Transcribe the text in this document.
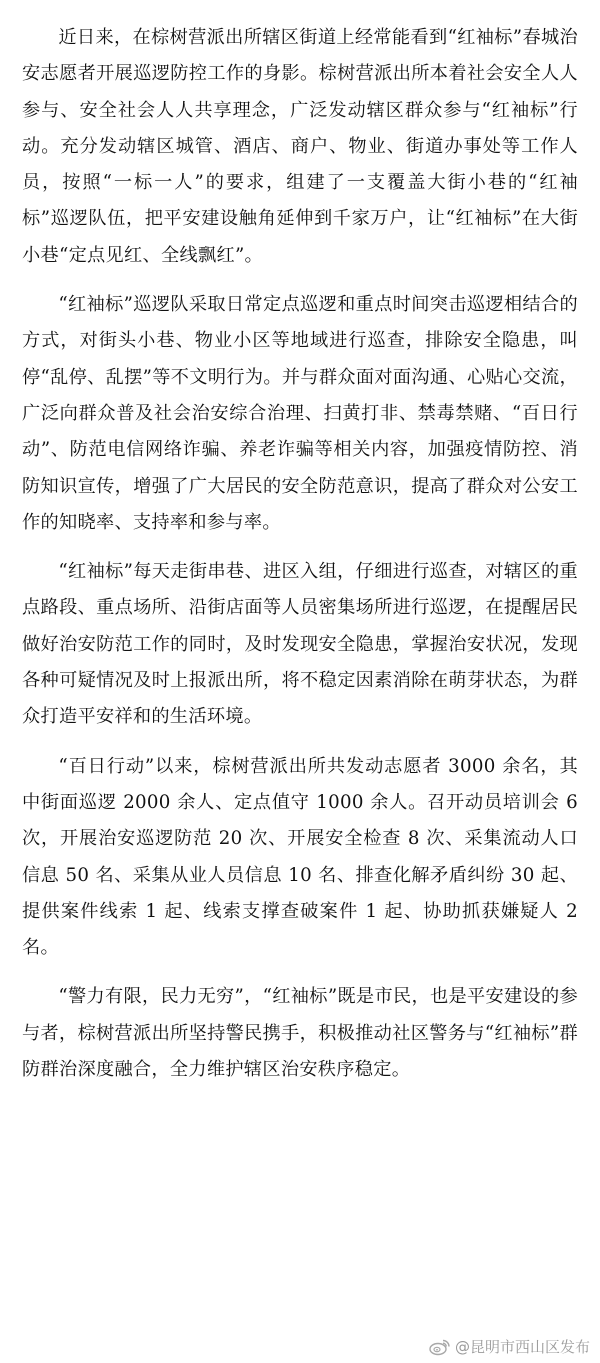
近日来，在棕树营派出所辖区街道上经常能看到“红袖标”春城治安志愿者开展巡逻防控工作的身影。棕树营派出所本着社会安全人人参与、安全社会人人共享理念，广泛发动辖区群众参与“红袖标”行动。充分发动辖区城管、酒店、商户、物业、街道办事处等工作人员，按照“一标一人”的要求，组建了一支覆盖大街小巷的“红袖标”巡逻队伍，把平安建设触角延伸到千家万户，让“红袖标”在大街小巷“定点见红、全线飘红”。

“红袖标”巡逻队采取日常定点巡逻和重点时间突击巡逻相结合的方式，对街头小巷、物业小区等地域进行巡查，排除安全隐患，叫停“乱停、乱摆”等不文明行为。并与群众面对面沟通、心贴心交流，广泛向群众普及社会治安综合治理、扫黄打非、禁毒禁赌、“百日行动”、防范电信网络诈骗、养老诈骗等相关内容，加强疫情防控、消防知识宣传，增强了广大居民的安全防范意识，提高了群众对公安工作的知晓率、支持率和参与率。

“红袖标”每天走街串巷、进区入组，仔细进行巡查，对辖区的重点路段、重点场所、沿街店面等人员密集场所进行巡逻，在提醒居民做好治安防范工作的同时，及时发现安全隐患，掌握治安状况，发现各种可疑情况及时上报派出所，将不稳定因素消除在萌芽状态，为群众打造平安祥和的生活环境。

“百日行动”以来，棕树营派出所共发动志愿者 3000 余名，其中街面巡逻 2000 余人、定点值守 1000 余人。召开动员培训会 6 次，开展治安巡逻防范 20 次、开展安全检查 8 次、采集流动人口信息 50 名、采集从业人员信息 10 名、排查化解矛盾纠纷 30 起、提供案件线索 1 起、线索支撑查破案件 1 起、协助抓获嫌疑人 2 名。

“警力有限，民力无穷”，“红袖标”既是市民，也是平安建设的参与者，棕树营派出所坚持警民携手，积极推动社区警务与“红袖标”群防群治深度融合，全力维护辖区治安秩序稳定。

@昆明市西山区发布
